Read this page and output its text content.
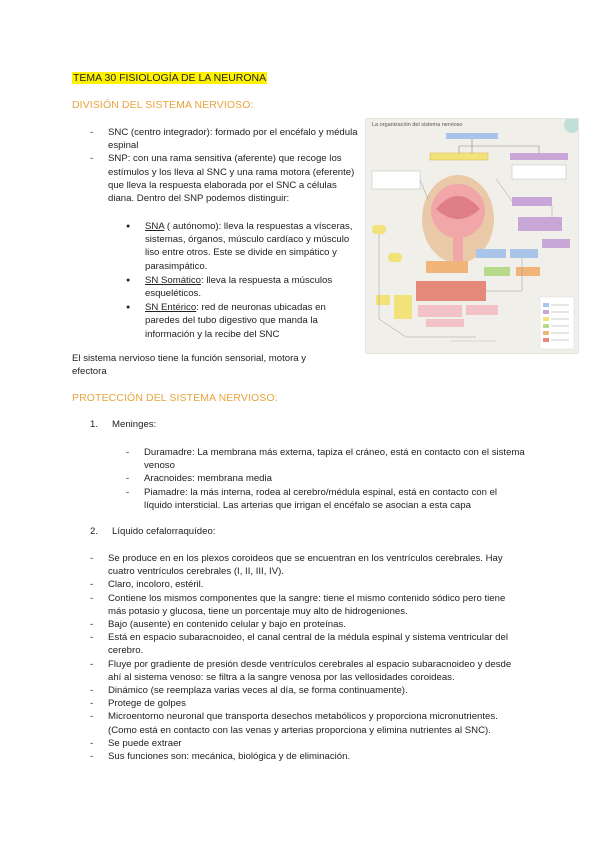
TEMA 30 FISIOLOGÍA DE LA NEURONA
DIVISIÓN DEL SISTEMA NERVIOSO:
- SNC (centro integrador): formado por el encéfalo y médula espinal
- SNP: con una rama sensitiva (aferente) que recoge los estímulos y los lleva al SNC y una rama motora (eferente) que lleva la respuesta elaborada por el SNC a células diana. Dentro del SNP podemos distinguir:
● SNA ( autónomo): lleva la respuestas a vísceras, sistemas, órganos, músculo cardíaco y músculo liso entre otros. Este se divide en simpático y parasimpático.
● SN Somático: lleva la respuesta a músculos esqueléticos.
● SN Entérico: red de neuronas ubicadas en paredes del tubo digestivo que manda la información y la recibe del SNC
El sistema nervioso tiene la función sensorial, motora y efectora
La organización del sistema nervioso
PROTECCIÓN DEL SISTEMA NERVIOSO:
1. Meninges:
- Duramadre: La membrana más externa, tapiza el cráneo, está en contacto con el sistema venoso
- Aracnoides: membrana media
- Piamadre: la más interna, rodea al cerebro/médula espinal, está en contacto con el líquido intersticial. Las arterias que irrigan el encéfalo se asocian a esta capa
2. Líquido cefalorraquídeo:
- Se produce en en los plexos coroideos que se encuentran en los ventrículos cerebrales. Hay cuatro ventrículos cerebrales (I, II, III, IV).
- Claro, incoloro, estéril.
- Contiene los mismos componentes que la sangre: tiene el mismo contenido sódico pero tiene más potasio y glucosa, tiene un porcentaje muy alto de hidrogeniones.
- Bajo (ausente) en contenido celular y bajo en proteínas.
- Está en espacio subaracnoideo, el canal central de la médula espinal y sistema ventricular del cerebro.
- Fluye por gradiente de presión desde ventrículos cerebrales al espacio subaracnoideo y desde ahí al sistema venoso: se filtra a la sangre venosa por las vellosidades coroideas.
- Dinámico (se reemplaza varias veces al día, se forma continuamente).
- Protege de golpes
- Microentorno neuronal que transporta desechos metabólicos y proporciona micronutrientes. (Como está en contacto con las venas y arterias proporciona y elimina nutrientes al SNC).
- Se puede extraer
- Sus funciones son: mecánica, biológica y de eliminación.
